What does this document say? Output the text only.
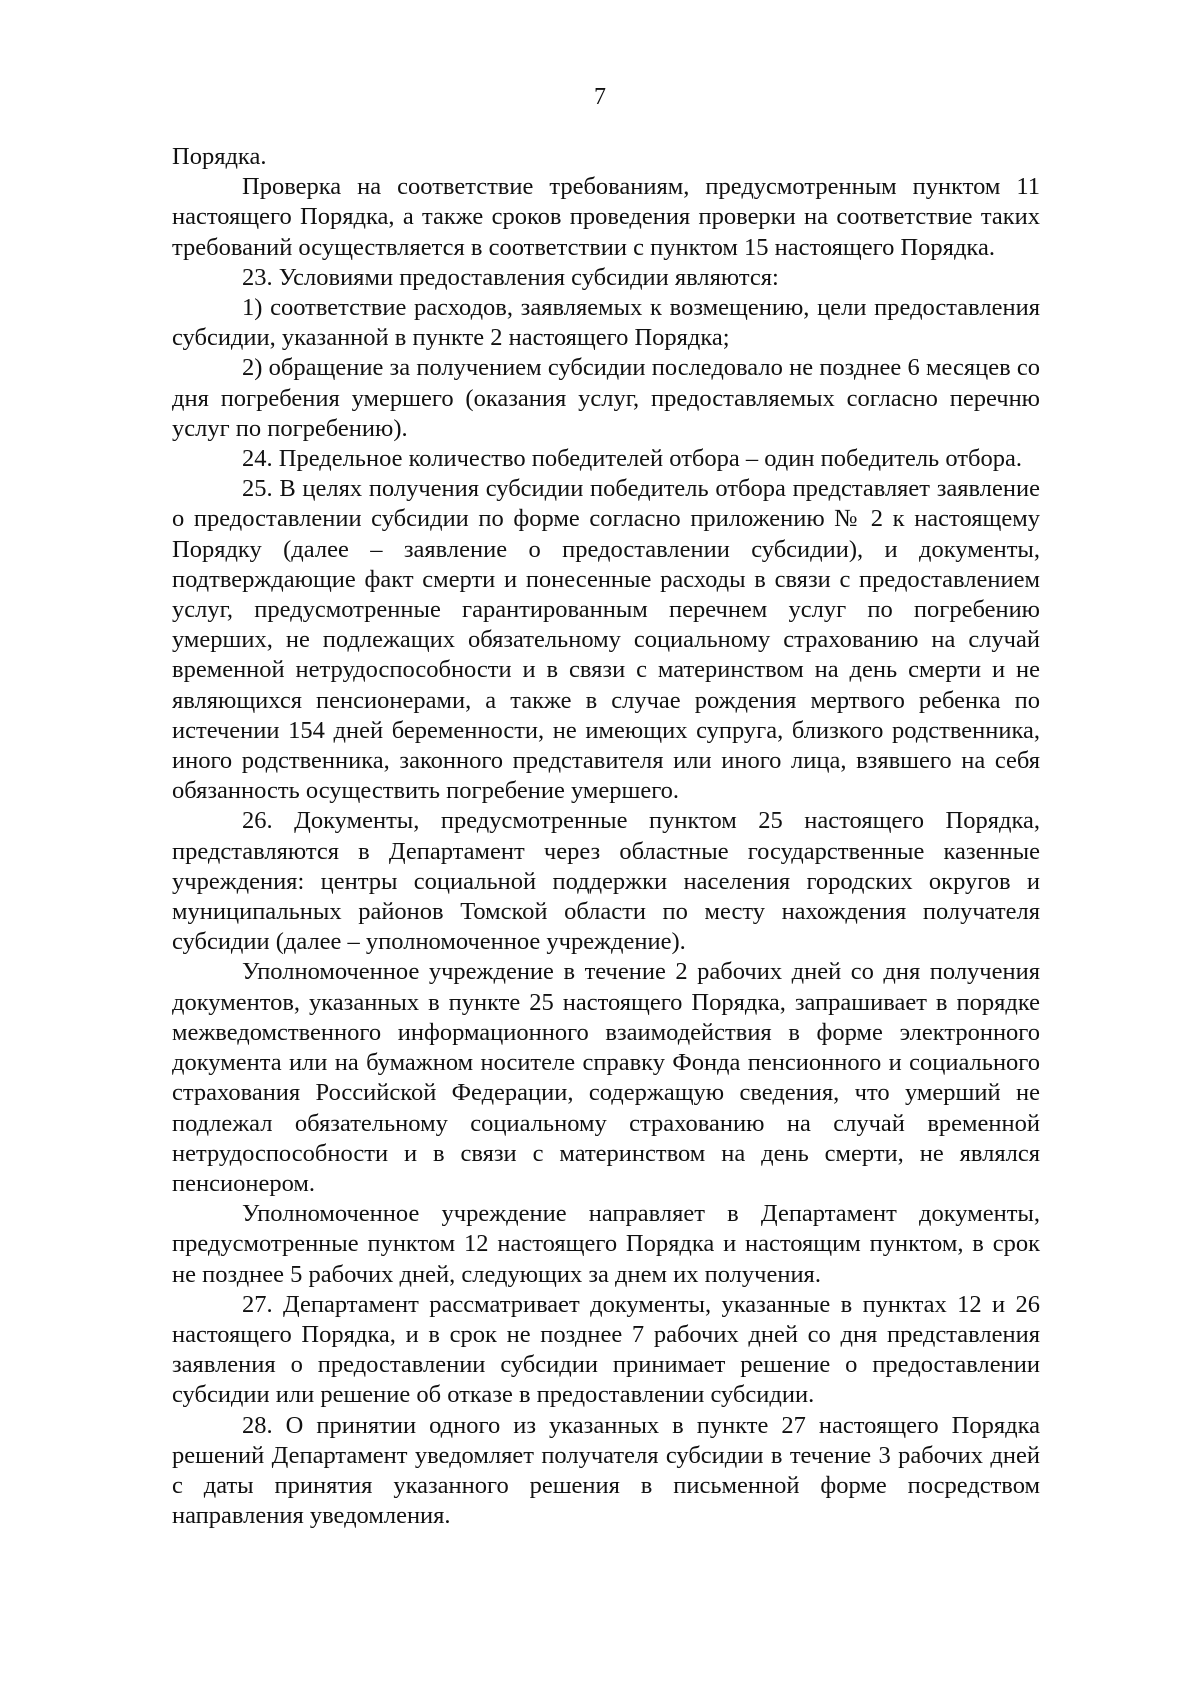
7

Порядка.

Проверка на соответствие требованиям, предусмотренным пунктом 11 настоящего Порядка, а также сроков проведения проверки на соответствие таких требований осуществляется в соответствии с пунктом 15 настоящего Порядка.

23. Условиями предоставления субсидии являются:

1) соответствие расходов, заявляемых к возмещению, цели предоставления субсидии, указанной в пункте 2 настоящего Порядка;

2) обращение за получением субсидии последовало не позднее 6 месяцев со дня погребения умершего (оказания услуг, предоставляемых согласно перечню услуг по погребению).

24. Предельное количество победителей отбора – один победитель отбора.

25. В целях получения субсидии победитель отбора представляет заявление о предоставлении субсидии по форме согласно приложению № 2 к настоящему Порядку (далее – заявление о предоставлении субсидии), и документы, подтверждающие факт смерти и понесенные расходы в связи с предоставлением услуг, предусмотренные гарантированным перечнем услуг по погребению умерших, не подлежащих обязательному социальному страхованию на случай временной нетрудоспособности и в связи с материнством на день смерти и не являющихся пенсионерами, а также в случае рождения мертвого ребенка по истечении 154 дней беременности, не имеющих супруга, близкого родственника, иного родственника, законного представителя или иного лица, взявшего на себя обязанность осуществить погребение умершего.

26. Документы, предусмотренные пунктом 25 настоящего Порядка, представляются в Департамент через областные государственные казенные учреждения: центры социальной поддержки населения городских округов и муниципальных районов Томской области по месту нахождения получателя субсидии (далее – уполномоченное учреждение).

Уполномоченное учреждение в течение 2 рабочих дней со дня получения документов, указанных в пункте 25 настоящего Порядка, запрашивает в порядке межведомственного информационного взаимодействия в форме электронного документа или на бумажном носителе справку Фонда пенсионного и социального страхования Российской Федерации, содержащую сведения, что умерший не подлежал обязательному социальному страхованию на случай временной нетрудоспособности и в связи с материнством на день смерти, не являлся пенсионером.

Уполномоченное учреждение направляет в Департамент документы, предусмотренные пунктом 12 настоящего Порядка и настоящим пунктом, в срок не позднее 5 рабочих дней, следующих за днем их получения.

27. Департамент рассматривает документы, указанные в пунктах 12 и 26 настоящего Порядка, и в срок не позднее 7 рабочих дней со дня представления заявления о предоставлении субсидии принимает решение о предоставлении субсидии или решение об отказе в предоставлении субсидии.

28. О принятии одного из указанных в пункте 27 настоящего Порядка решений Департамент уведомляет получателя субсидии в течение 3 рабочих дней с даты принятия указанного решения в письменной форме посредством направления уведомления.
